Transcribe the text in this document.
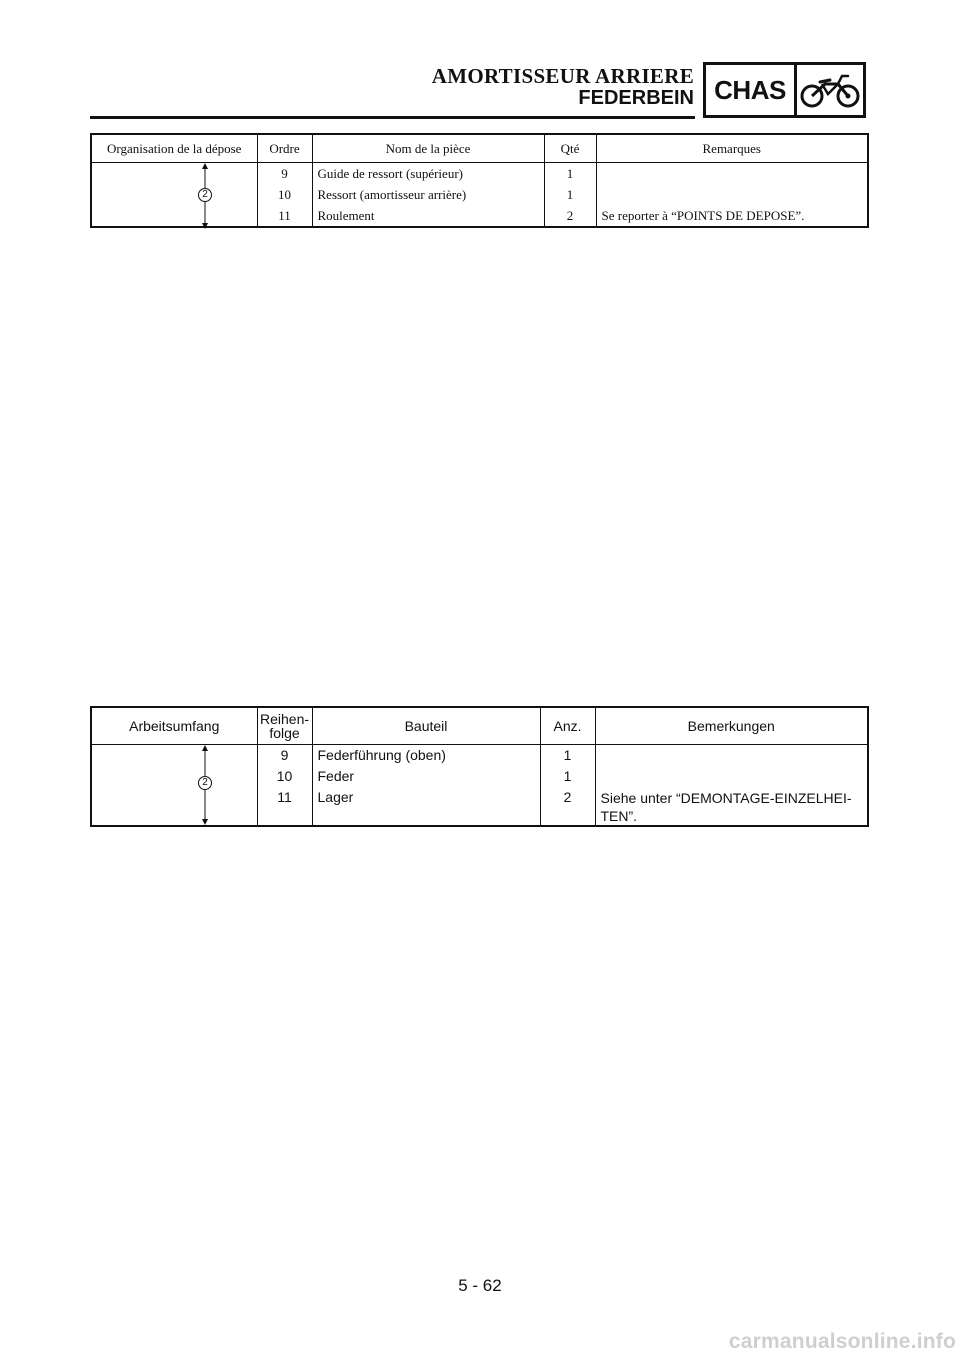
AMORTISSEUR ARRIERE
FEDERBEIN CHAS
Organisation de la dépose	Ordre	Nom de la pièce	Qté	Remarques

2	9	Guide de ressort (supérieur)	1	
	10	Ressort (amortisseur arrière)	1	
	11	Roulement	2	Se reporter à “POINTS DE DEPOSE”.
Arbeitsumfang	Reihen-
folge	Bauteil	Anz.	Bemerkungen

2	9	Federführung (oben)	1	
	10	Feder	1	
	11	Lager	2	Siehe unter “DEMONTAGE-EINZELHEI-
TEN”.
5 - 62
carmanualsonline.info
